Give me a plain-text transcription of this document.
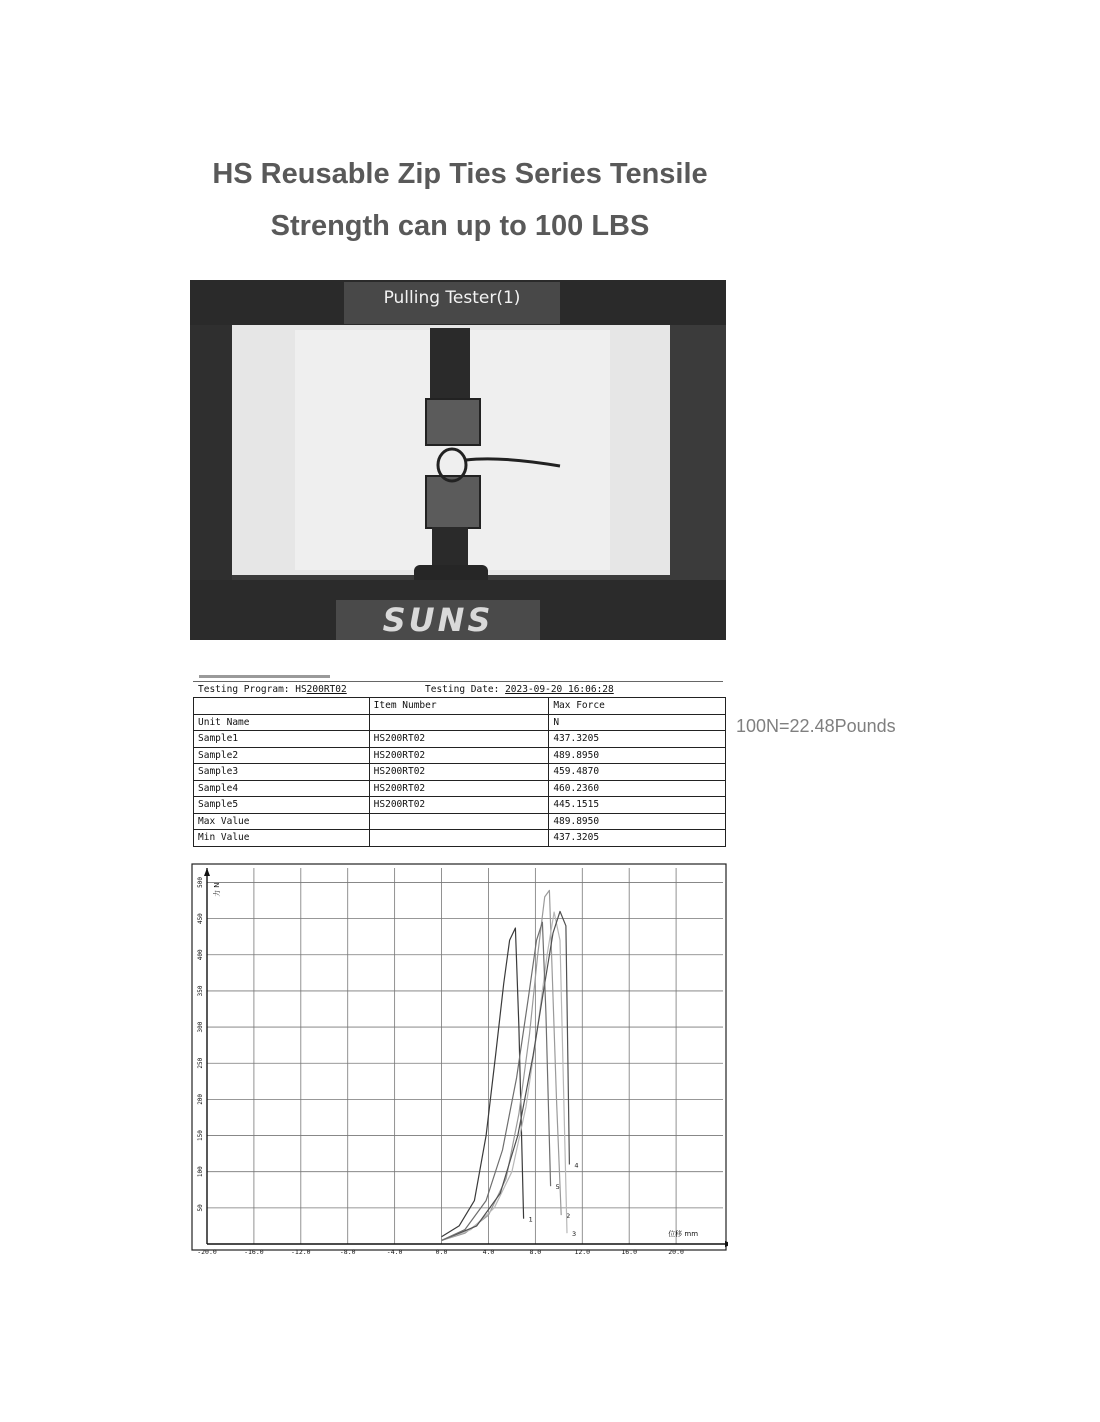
HS Reusable Zip Ties Series Tensile
Strength can up to 100 LBS
Pulling Tester(1)
SUNS
Testing Program: HS200RT02	Testing Date: 2023-09-20 16:06:28
	Item Number	Max Force
Unit Name		N
Sample1	HS200RT02	437.3205
Sample2	HS200RT02	489.8950
Sample3	HS200RT02	459.4870
Sample4	HS200RT02	460.2360
Sample5	HS200RT02	445.1515
Max Value		489.8950
Min Value		437.3205
100N=22.48Pounds
-20.0	-16.0	-12.0	-8.0	-4.0	0.0	4.0	8.0	12.0	16.0	20.0
50
100
150
200
250
300
350
400
450
500 力 N
位移 mm
1	2
3
4
5
